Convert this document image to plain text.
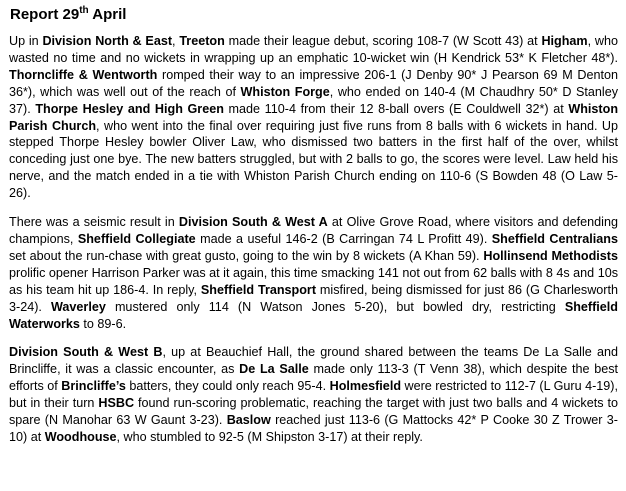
Report 29th April

Up in Division North & East, Treeton made their league debut, scoring 108-7 (W Scott 43) at Higham, who wasted no time and no wickets in wrapping up an emphatic 10-wicket win (H Kendrick 53* K Fletcher 48*). Thorncliffe & Wentworth romped their way to an impressive 206-1 (J Denby 90* J Pearson 69 M Denton 36*), which was well out of the reach of Whiston Forge, who ended on 140-4 (M Chaudhry 50* D Stanley 37). Thorpe Hesley and High Green made 110-4 from their 12 8-ball overs (E Couldwell 32*) at Whiston Parish Church, who went into the final over requiring just five runs from 8 balls with 6 wickets in hand. Up stepped Thorpe Hesley bowler Oliver Law, who dismissed two batters in the first half of the over, whilst conceding just one bye. The new batters struggled, but with 2 balls to go, the scores were level. Law held his nerve, and the match ended in a tie with Whiston Parish Church ending on 110-6 (S Bowden 48 (O Law 5-26).

There was a seismic result in Division South & West A at Olive Grove Road, where visitors and defending champions, Sheffield Collegiate made a useful 146-2 (B Carringan 74 L Profitt 49). Sheffield Centralians set about the run-chase with great gusto, going to the win by 8 wickets (A Khan 59). Hollinsend Methodists prolific opener Harrison Parker was at it again, this time smacking 141 not out from 62 balls with 8 4s and 10s as his team hit up 186-4. In reply, Sheffield Transport misfired, being dismissed for just 86 (G Charlesworth 3-24). Waverley mustered only 114 (N Watson Jones 5-20), but bowled dry, restricting Sheffield Waterworks to 89-6.

Division South & West B, up at Beauchief Hall, the ground shared between the teams De La Salle and Brincliffe, it was a classic encounter, as De La Salle made only 113-3 (T Venn 38), which despite the best efforts of Brincliffe’s batters, they could only reach 95-4. Holmesfield were restricted to 112-7 (L Guru 4-19), but in their turn HSBC found run-scoring problematic, reaching the target with just two balls and 4 wickets to spare (N Manohar 63 W Gaunt 3-23). Baslow reached just 113-6 (G Mattocks 42* P Cooke 30 Z Trower 3-10) at Woodhouse, who stumbled to 92-5 (M Shipston 3-17) at their reply.
